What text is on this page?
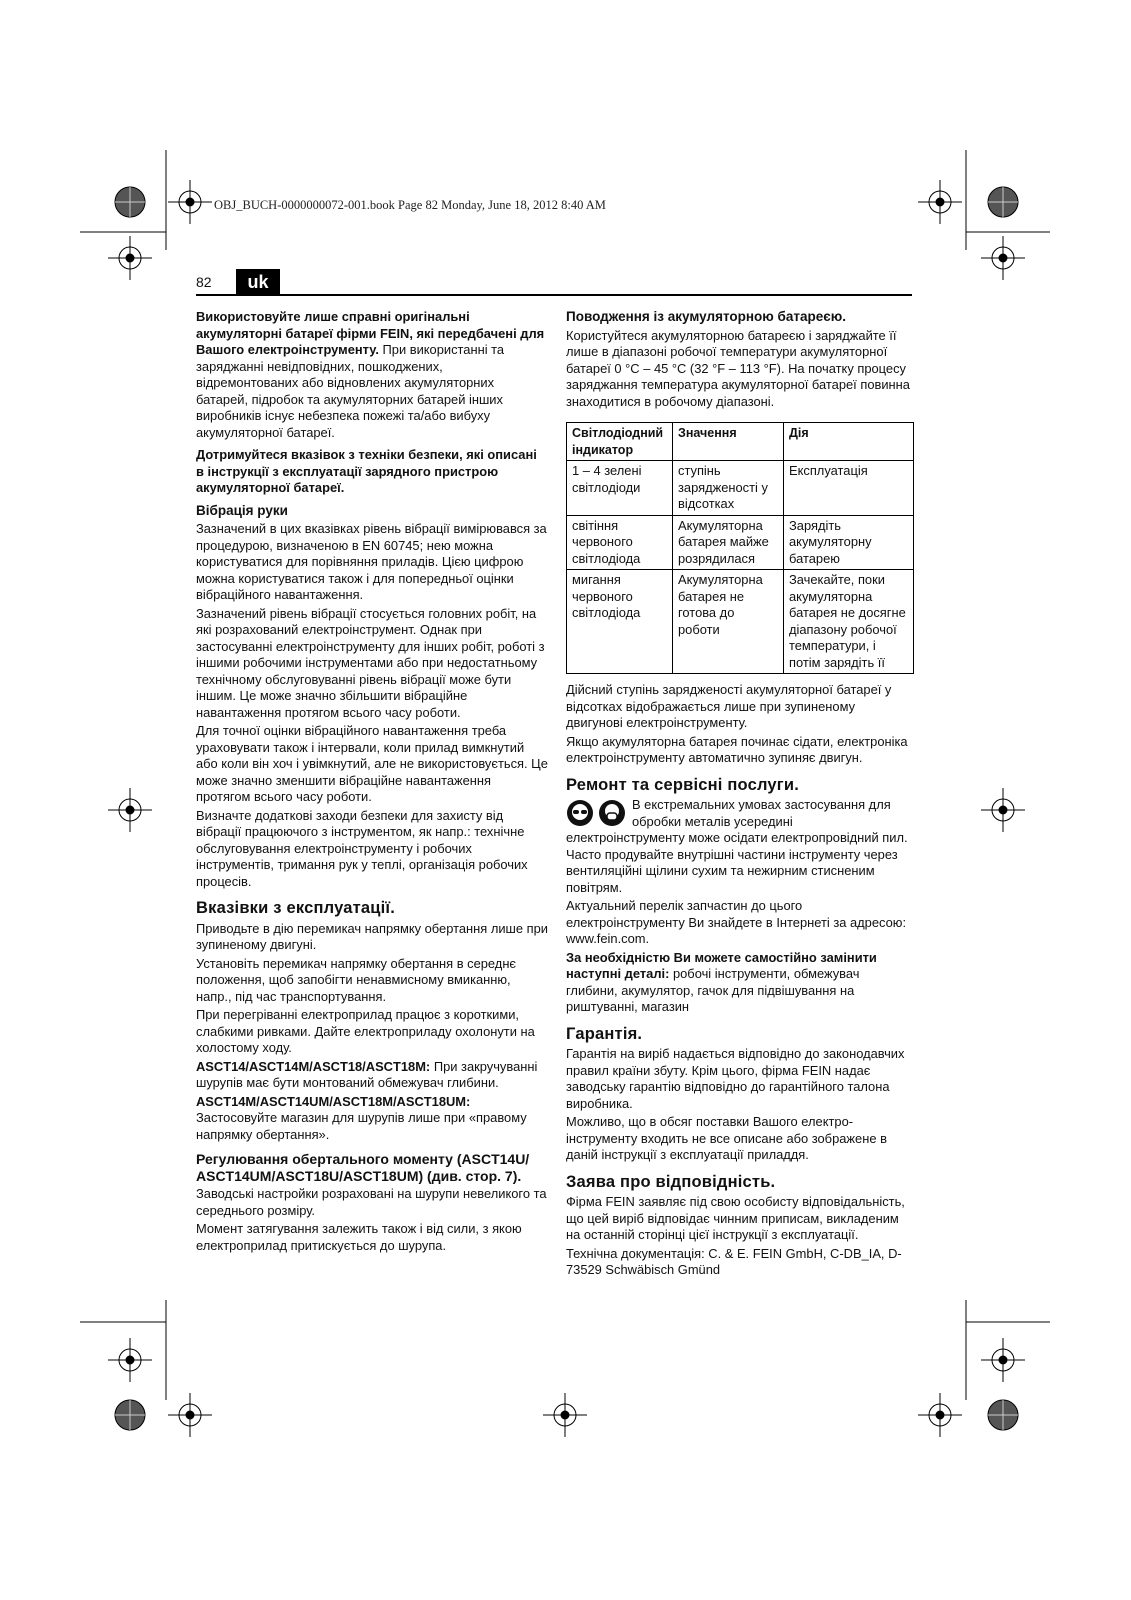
OBJ_BUCH-0000000072-001.book Page 82 Monday, June 18, 2012 8:40 AM
82	uk

Використовуйте лише справні оригінальні акумуляторні батареї фірми FEIN, які передбачені для Вашого електроінструменту. При використанні та заряджанні невідповідних, пошкоджених, відремонтованих або відновлених акумуляторних батарей, підробок та акумуляторних батарей інших виробників існує небезпека пожежі та/або вибуху акумуляторної батареї.

Дотримуйтеся вказівок з техніки безпеки, які описані в інструкції з експлуатації зарядного пристрою акумуляторної батареї.

Вібрація руки

Зазначений в цих вказівках рівень вібрації вимірювався за процедурою, визначеною в EN 60745; нею можна користуватися для порівняння приладів. Цією цифрою можна користуватися також і для попередньої оцінки вібраційного навантаження.

Зазначений рівень вібрації стосується головних робіт, на які розрахований електроінструмент. Однак при застосуванні електроінструменту для інших робіт, роботі з іншими робочими інструментами або при недостатньому технічному обслуговуванні рівень вібрації може бути іншим. Це може значно збільшити вібраційне навантаження протягом всього часу роботи.

Для точної оцінки вібраційного навантаження треба ураховувати також і інтервали, коли прилад вимкнутий або коли він хоч і увімкнутий, але не використовується. Це може значно зменшити вібраційне навантаження протягом всього часу роботи.

Визначте додаткові заходи безпеки для захисту від вібрації працюючого з інструментом, як напр.: технічне обслуговування електроінструменту і робочих інструментів, тримання рук у теплі, організація робочих процесів.

Вказівки з експлуатації.

Приводьте в дію перемикач напрямку обертання лише при зупиненому двигуні.

Установіть перемикач напрямку обертання в середнє положення, щоб запобігти ненавмисному вмиканню, напр., під час транспортування.

При перегріванні електроприлад працює з короткими, слабкими ривками. Дайте електроприладу охолонути на холостому ходу.

ASCT14/ASCT14M/ASCT18/ASCT18M: При закручуванні шурупів має бути монтований обмежувач глибини.

ASCT14M/ASCT14UM/ASCT18M/ASCT18UM:

Застосовуйте магазин для шурупів лише при «правому напрямку обертання».

Регулювання обертального моменту (ASCT14U/ ASCT14UM/ASCT18U/ASCT18UM) (див. стор. 7).

Заводські настройки розраховані на шурупи невеликого та середнього розміру.

Момент затягування залежить також і від сили, з якою електроприлад притискується до шурупа.

Поводження із акумуляторною батареєю.

Користуйтеся акумуляторною батареєю і заряджайте її лише в діапазоні робочої температури акумуляторної батареї 0 °C – 45 °C (32 °F – 113 °F). На початку процесу заряджання температура акумуляторної батареї повинна знаходитися в робочому діапазоні.

Світлодіодний індикатор	Значення	Дія
1 – 4 зелені світлодіоди	ступінь зарядженості у відсотках	Експлуатація
світіння червоного світлодіода	Акумуляторна батарея майже розрядилася	Зарядіть акумуляторну батарею
мигання червоного світлодіода	Акумуляторна батарея не готова до роботи	Зачекайте, поки акумуляторна батарея не досягне діапазону робочої температури, і потім зарядіть її

Дійсний ступінь зарядженості акумуляторної батареї у відсотках відображається лише при зупиненому двигунові електроінструменту.

Якщо акумуляторна батарея починає сідати, електроніка електроінструменту автоматично зупиняє двигун.

Ремонт та сервісні послуги.

В екстремальних умовах застосування для обробки металів усередині електроінструменту може осідати електропровідний пил. Часто продувайте внутрішні частини інструменту через вентиляційні щілини сухим та нежирним стисненим повітрям.

Актуальний перелік запчастин до цього електроінструменту Ви знайдете в Інтернеті за адресою: www.fein.com.

За необхідністю Ви можете самостійно замінити наступні деталі: робочі інструменти, обмежувач глибини, акумулятор, гачок для підвішування на риштуванні, магазин

Гарантія.

Гарантія на виріб надається відповідно до законодавчих правил країни збуту. Крім цього, фірма FEIN надає заводську гарантію відповідно до гарантійного талона виробника.

Можливо, що в обсяг поставки Вашого електро-інструменту входить не все описане або зображене в даній інструкції з експлуатації приладдя.

Заява про відповідність.

Фірма FEIN заявляє під свою особисту відповідальність, що цей виріб відповідає чинним приписам, викладеним на останній сторінці цієї інструкції з експлуатації.

Технічна документація: C. & E. FEIN GmbH, C-DB_IA, D-73529 Schwäbisch Gmünd
